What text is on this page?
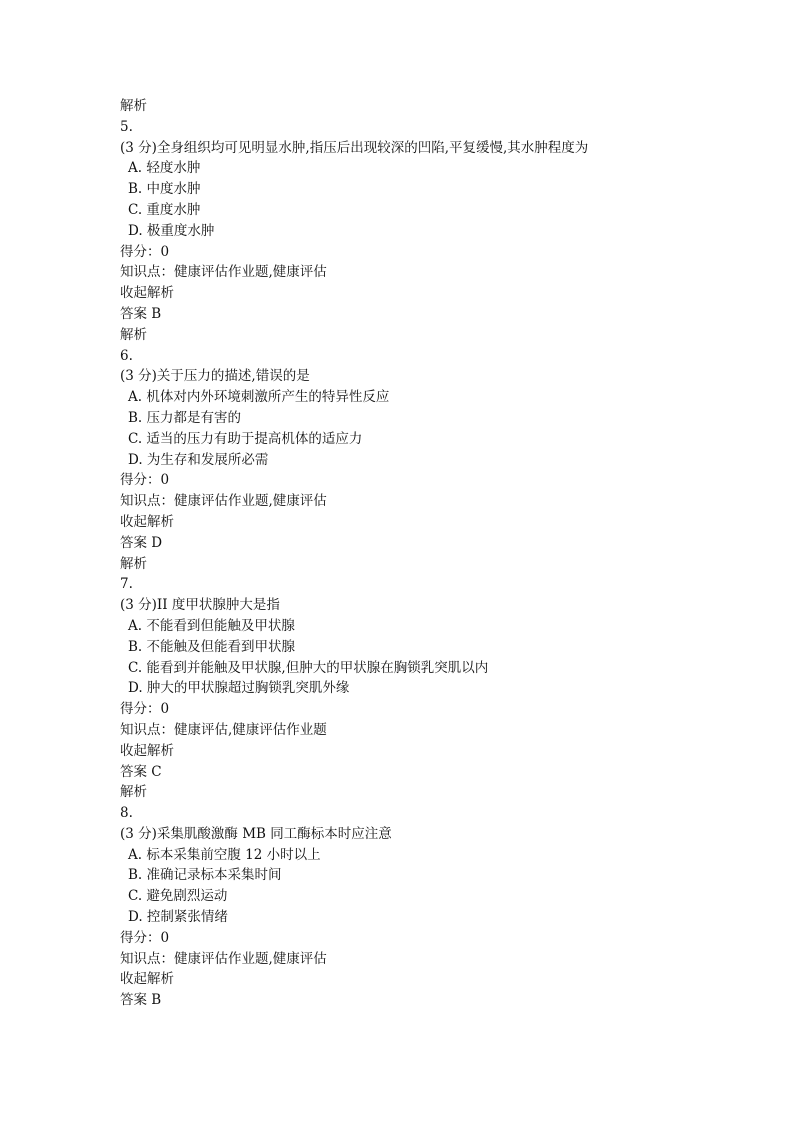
解析
5.
(3 分)全身组织均可见明显水肿,指压后出现较深的凹陷,平复缓慢,其水肿程度为
A. 轻度水肿
B. 中度水肿
C. 重度水肿
D. 极重度水肿
得分：0
知识点：健康评估作业题,健康评估
收起解析
答案 B
解析
6.
(3 分)关于压力的描述,错误的是
A. 机体对内外环境刺激所产生的特异性反应
B. 压力都是有害的
C. 适当的压力有助于提高机体的适应力
D. 为生存和发展所必需
得分：0
知识点：健康评估作业题,健康评估
收起解析
答案 D
解析
7.
(3 分)II 度甲状腺肿大是指
A. 不能看到但能触及甲状腺
B. 不能触及但能看到甲状腺
C. 能看到并能触及甲状腺,但肿大的甲状腺在胸锁乳突肌以内
D. 肿大的甲状腺超过胸锁乳突肌外缘
得分：0
知识点：健康评估,健康评估作业题
收起解析
答案 C
解析
8.
(3 分)采集肌酸激酶 MB 同工酶标本时应注意
A. 标本采集前空腹 12 小时以上
B. 准确记录标本采集时间
C. 避免剧烈运动
D. 控制紧张情绪
得分：0
知识点：健康评估作业题,健康评估
收起解析
答案 B
